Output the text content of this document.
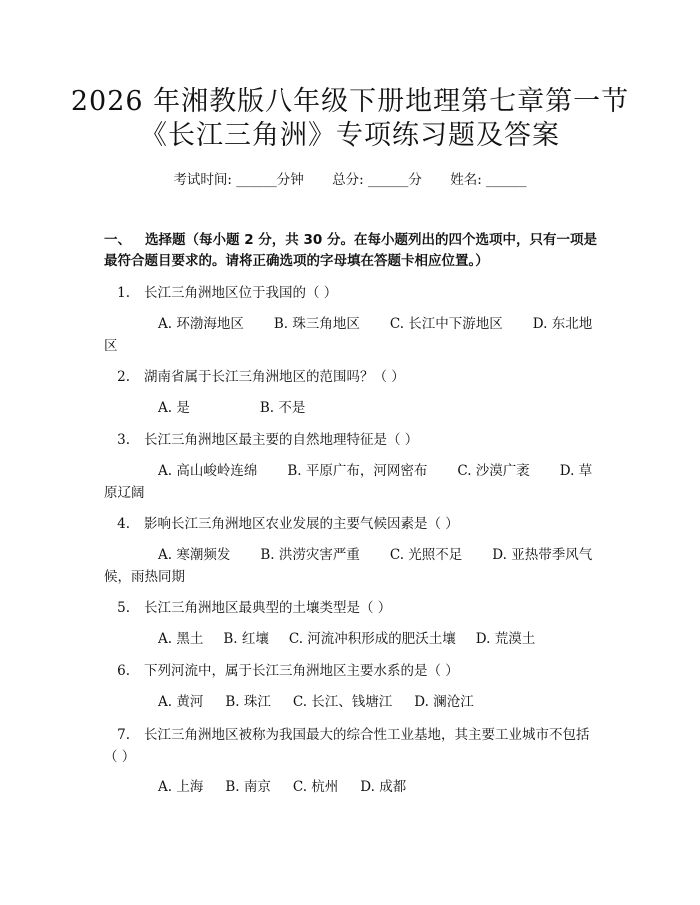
2026 年湘教版八年级下册地理第七章第一节
《长江三角洲》专项练习题及答案
考试时间: ______分钟 总分: ______分 姓名: ______
一、 选择题（每小题 2 分，共 30 分。在每小题列出的四个选项中，只有一项是最符合题目要求的。请将正确选项的字母填在答题卡相应位置。）
1. 长江三角洲地区位于我国的（ ）
A. 环渤海地区 B. 珠三角地区 C. 长江中下游地区 D. 东北地区
2. 湖南省属于长江三角洲地区的范围吗？（ ）
A. 是	B. 不是
3. 长江三角洲地区最主要的自然地理特征是（ ）
A. 高山峻岭连绵 B. 平原广布，河网密布 C. 沙漠广袤 D. 草原辽阔
4. 影响长江三角洲地区农业发展的主要气候因素是（ ）
A. 寒潮频发 B. 洪涝灾害严重 C. 光照不足 D. 亚热带季风气候，雨热同期
5. 长江三角洲地区最典型的土壤类型是（ ）
A. 黑土 B. 红壤 C. 河流冲积形成的肥沃土壤 D. 荒漠土
6. 下列河流中，属于长江三角洲地区主要水系的是（ ）
A. 黄河 B. 珠江 C. 长江、钱塘江 D. 澜沧江
7. 长江三角洲地区被称为我国最大的综合性工业基地，其主要工业城市不包括（ ）
A. 上海 B. 南京 C. 杭州 D. 成都
